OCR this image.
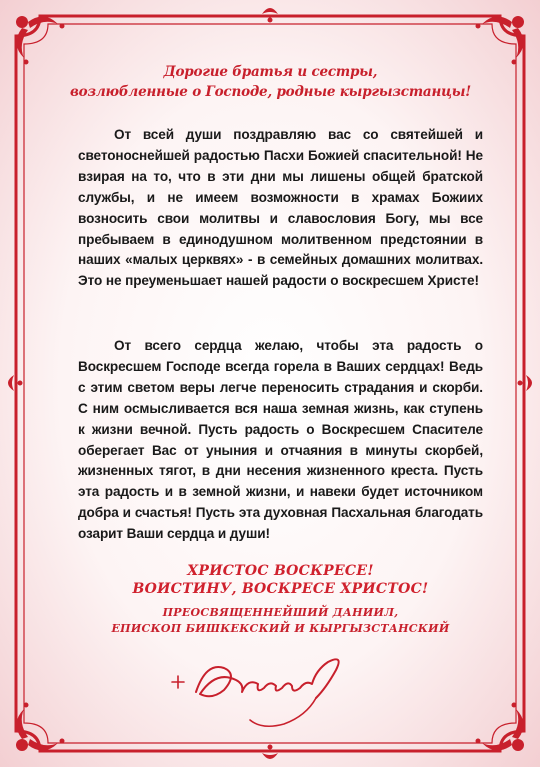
Дорогие братья и сестры,
возлюбленные о Господе, родные кыргызстанцы!

От всей души поздравляю вас со святейшей и светоноснейшей радостью Пасхи Божией спасительной! Не взирая на то, что в эти дни мы лишены общей братской службы, и не имеем возможности в храмах Божиих возносить свои молитвы и славословия Богу, мы все пребываем в единодушном молитвенном предстоянии в наших «малых церквях» - в семейных домашних молитвах. Это не преуменьшает нашей радости о воскресшем Христе!

От всего сердца желаю, чтобы эта радость о Воскресшем Господе всегда горела в Ваших сердцах! Ведь с этим светом веры легче переносить страдания и скорби. С ним осмысливается вся наша земная жизнь, как ступень к жизни вечной. Пусть радость о Воскресшем Спасителе оберегает Вас от уныния и отчаяния в минуты скорбей, жизненных тягот, в дни несения жизненного креста. Пусть эта радость и в земной жизни, и навеки будет источником добра и счастья! Пусть эта духовная Пасхальная благодать озарит Ваши сердца и души!

ХРИСТОС ВОСКРЕСЕ!
ВОИСТИНУ, ВОСКРЕСЕ ХРИСТОС!
ПРЕОСВЯЩЕННЕЙШИЙ ДАНИИЛ,
ЕПИСКОП БИШКЕКСКИЙ И КЫРГЫЗСТАНСКИЙ
